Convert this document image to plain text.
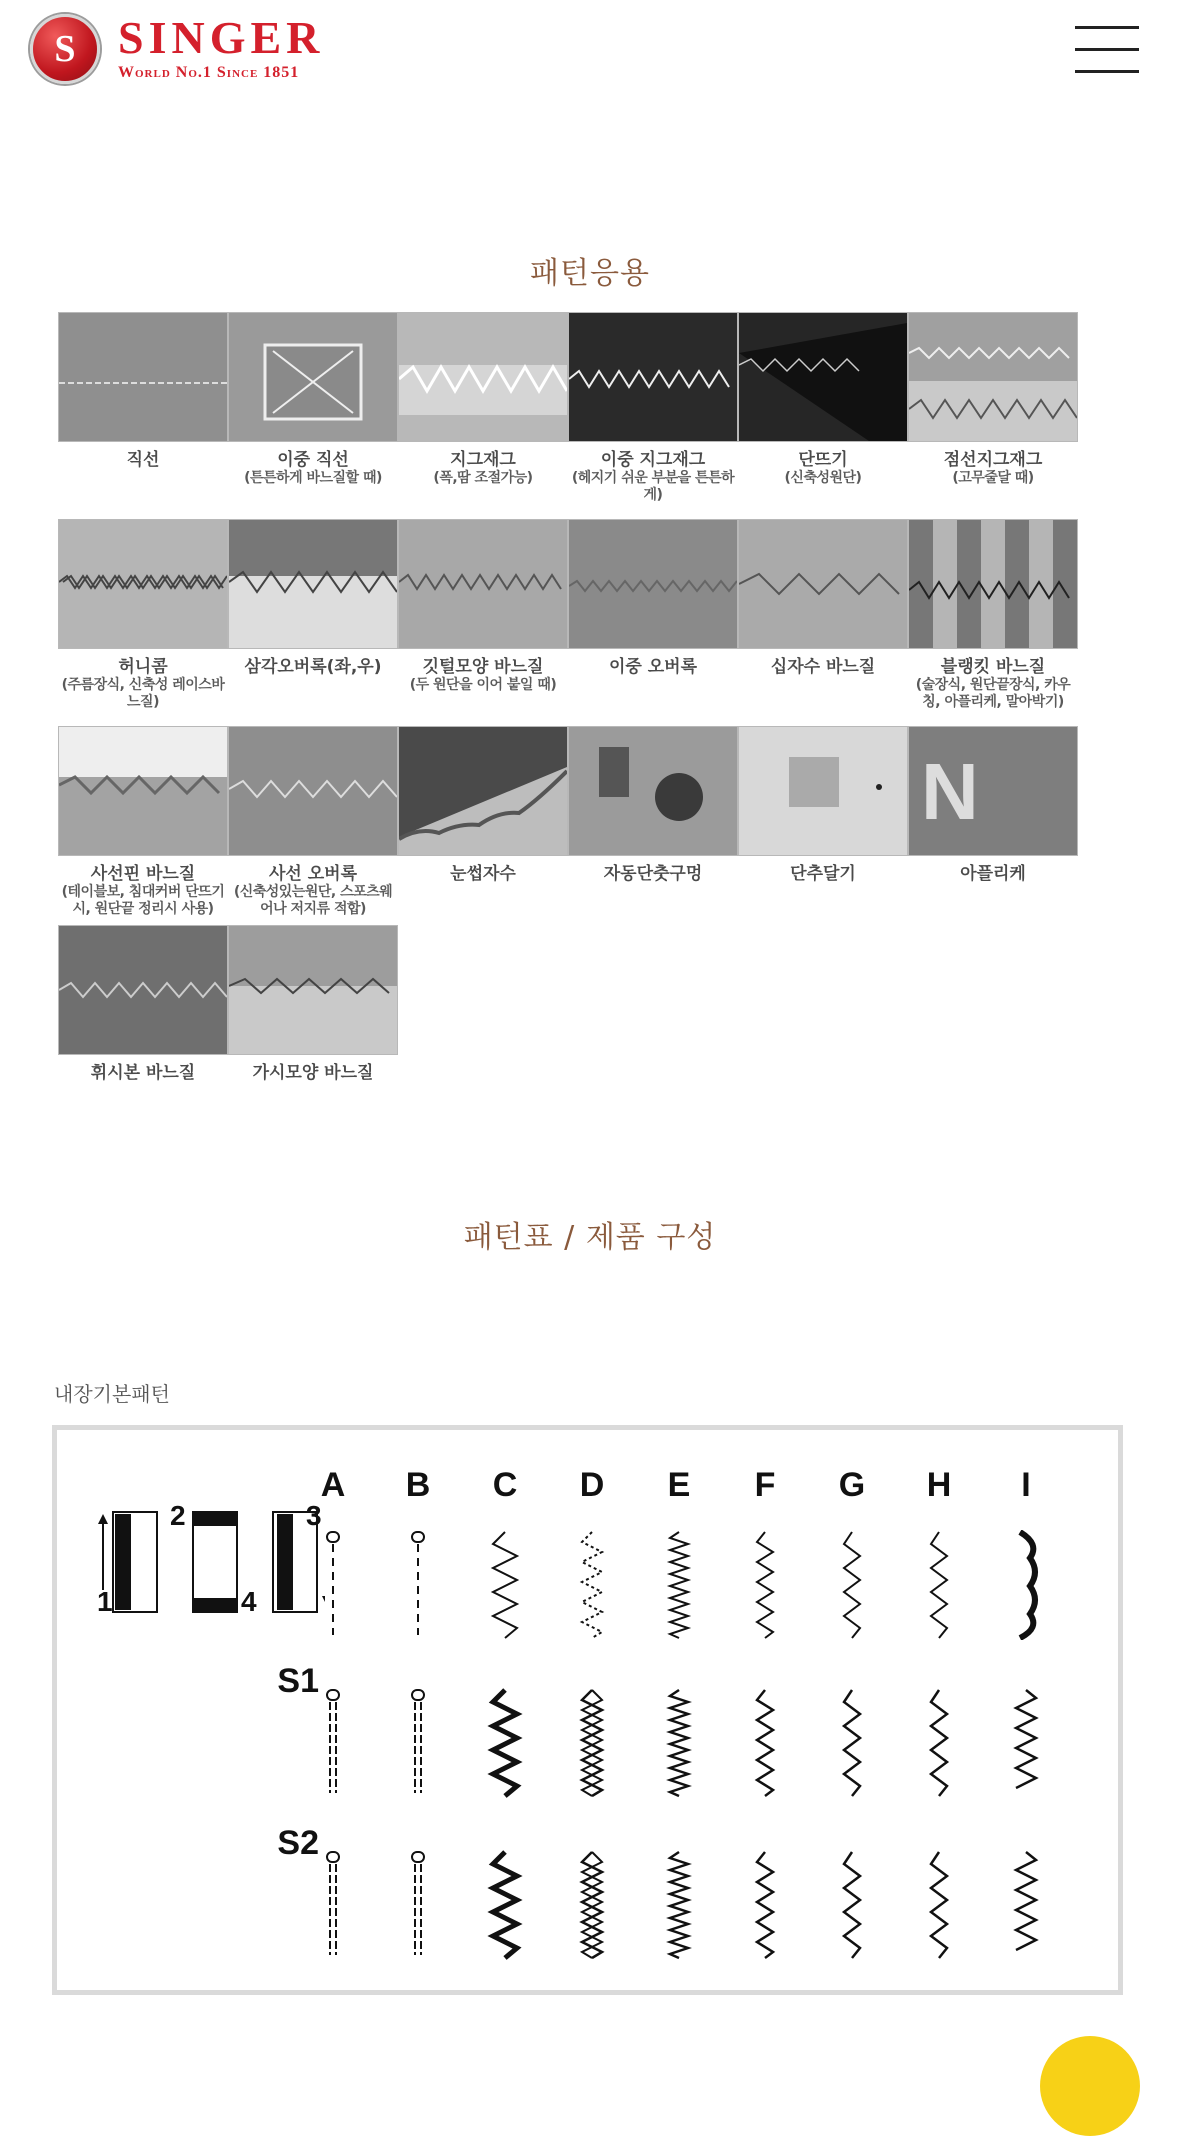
S SINGER
World No.1 Since 1851
패턴응용
직선	이중 직선
(튼튼하게 바느질할 때)
지그재그
(폭,땀 조절가능)
이중 지그재그
(헤지기 쉬운 부분을 튼튼하게)
단뜨기
(신축성원단)
점선지그재그
(고무줄달 때)
허니콤
(주름장식, 신축성 레이스바느질)
삼각오버록(좌,우)	깃털모양 바느질
(두 원단을 이어 붙일 때)
이중 오버록	십자수 바느질	블랭킷 바느질
(술장식, 원단끝장식, 카우칭, 아플리케, 말아박기)
사선핀 바느질
(테이블보, 침대커버 단뜨기시, 원단끝 정리시 사용)
사선 오버록
(신축성있는원단, 스포츠웨어나 저지류 적합)
눈썹자수	자동단춧구멍	단추달기
N
아플리케
휘시본 바느질	가시모양 바느질
패턴표 / 제품 구성
내장기본패턴
1
2	3
4
S1
S2
A	B	C	D	E	F	G	H	I
